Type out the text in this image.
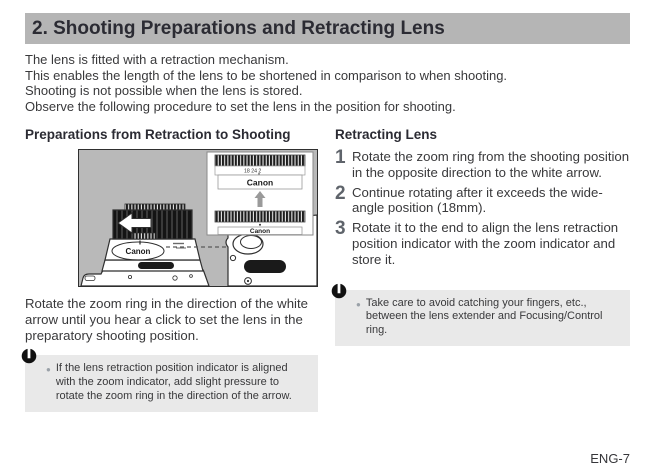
2. Shooting Preparations and Retracting Lens
The lens is fitted with a retraction mechanism.
This enables the length of the lens to be shortened in comparison to when shooting.
Shooting is not possible when the lens is stored.
Observe the following procedure to set the lens in the position for shooting.
Preparations from Retraction to Shooting
Canon
18 24 2
Canon
Canon
Rotate the zoom ring in the direction of the white arrow until you hear a click to set the lens in the preparatory shooting position.
● If the lens retraction position indicator is aligned with the zoom indicator, add slight pressure to rotate the zoom ring in the direction of the arrow.
Retracting Lens
1 Rotate the zoom ring from the shooting position in the opposite direction to the white arrow.
2 Continue rotating after it exceeds the wide-angle position (18mm).
3 Rotate it to the end to align the lens retraction position indicator with the zoom indicator and store it.
● Take care to avoid catching your fingers, etc., between the lens extender and Focusing/Control ring.
ENG-7
